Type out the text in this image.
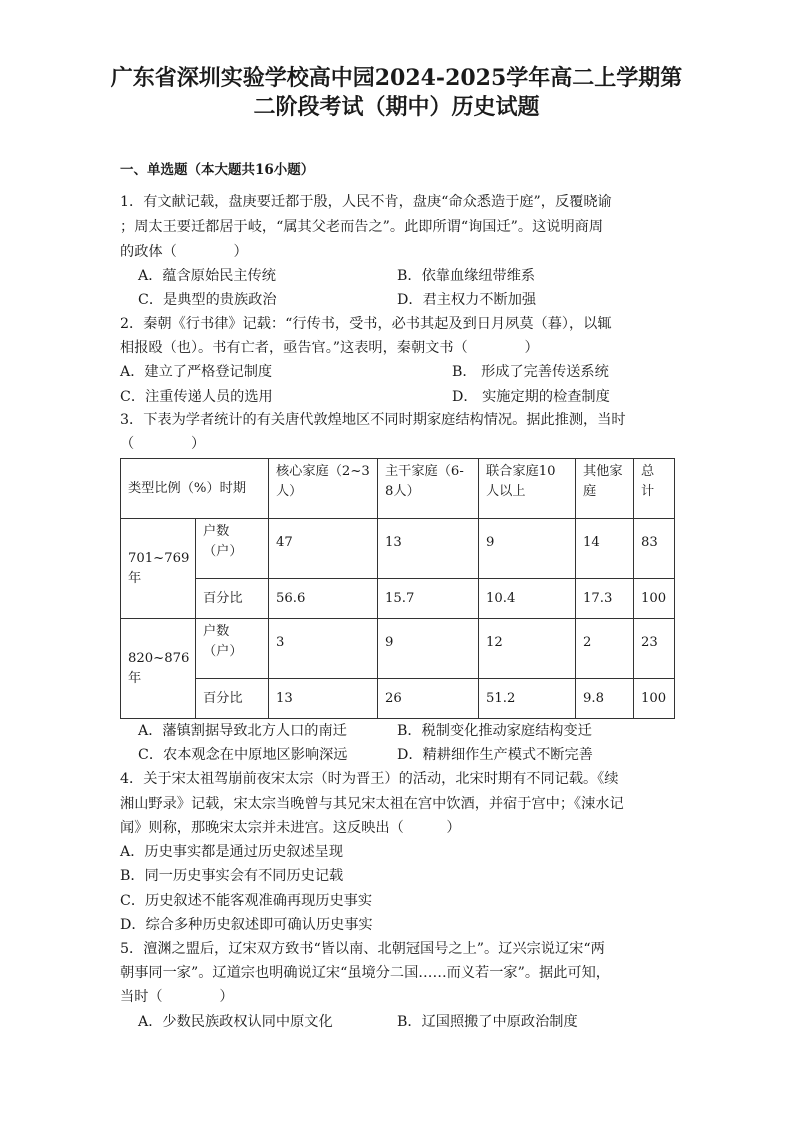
广东省深圳实验学校高中园2024-2025学年高二上学期第
二阶段考试（期中）历史试题
一、单选题（本大题共16小题）
1．有文献记载，盘庚要迁都于殷，人民不肯，盘庚“命众悉造于庭”，反覆晓谕
；周太王要迁都居于岐，“属其父老而告之”。此即所谓“询国迁”。这说明商周
的政体（　　　　）
A．蕴含原始民主传统	B．依靠血缘纽带维系
C．是典型的贵族政治	D．君主权力不断加强
2．秦朝《行书律》记载：“行传书，受书，必书其起及到日月夙莫（暮），以辄
相报殴（也）。书有亡者，亟告官。”这表明，秦朝文书（　　　　）
A．建立了严格登记制度	B． 形成了完善传送系统
C．注重传递人员的选用	D． 实施定期的检查制度
3．下表为学者统计的有关唐代敦煌地区不同时期家庭结构情况。据此推测，当时
（　　　　）
类型比例（%）时期		核心家庭（2~3人）	主干家庭（6-8人）	联合家庭10人以上	其他家庭	总计
701~769年	户数（户）	47	13	9	14	83
	百分比	56.6	15.7	10.4	17.3	100
820~876年	户数（户）	3	9	12	2	23
	百分比	13	26	51.2	9.8	100
A．藩镇割据导致北方人口的南迁	B．税制变化推动家庭结构变迁
C．农本观念在中原地区影响深远	D．精耕细作生产模式不断完善
4．关于宋太祖驾崩前夜宋太宗（时为晋王）的活动，北宋时期有不同记载。《续
湘山野录》记载，宋太宗当晚曾与其兄宋太祖在宫中饮酒，并宿于宫中；《涑水记
闻》则称，那晚宋太宗并未进宫。这反映出（　　　）
A．历史事实都是通过历史叙述呈现
B．同一历史事实会有不同历史记载
C．历史叙述不能客观准确再现历史事实
D．综合多种历史叙述即可确认历史事实
5．澶渊之盟后，辽宋双方致书“皆以南、北朝冠国号之上”。辽兴宗说辽宋“两
朝事同一家”。辽道宗也明确说辽宋“虽境分二国……而义若一家”。据此可知，
当时（　　　　）
A．少数民族政权认同中原文化	B．辽国照搬了中原政治制度
